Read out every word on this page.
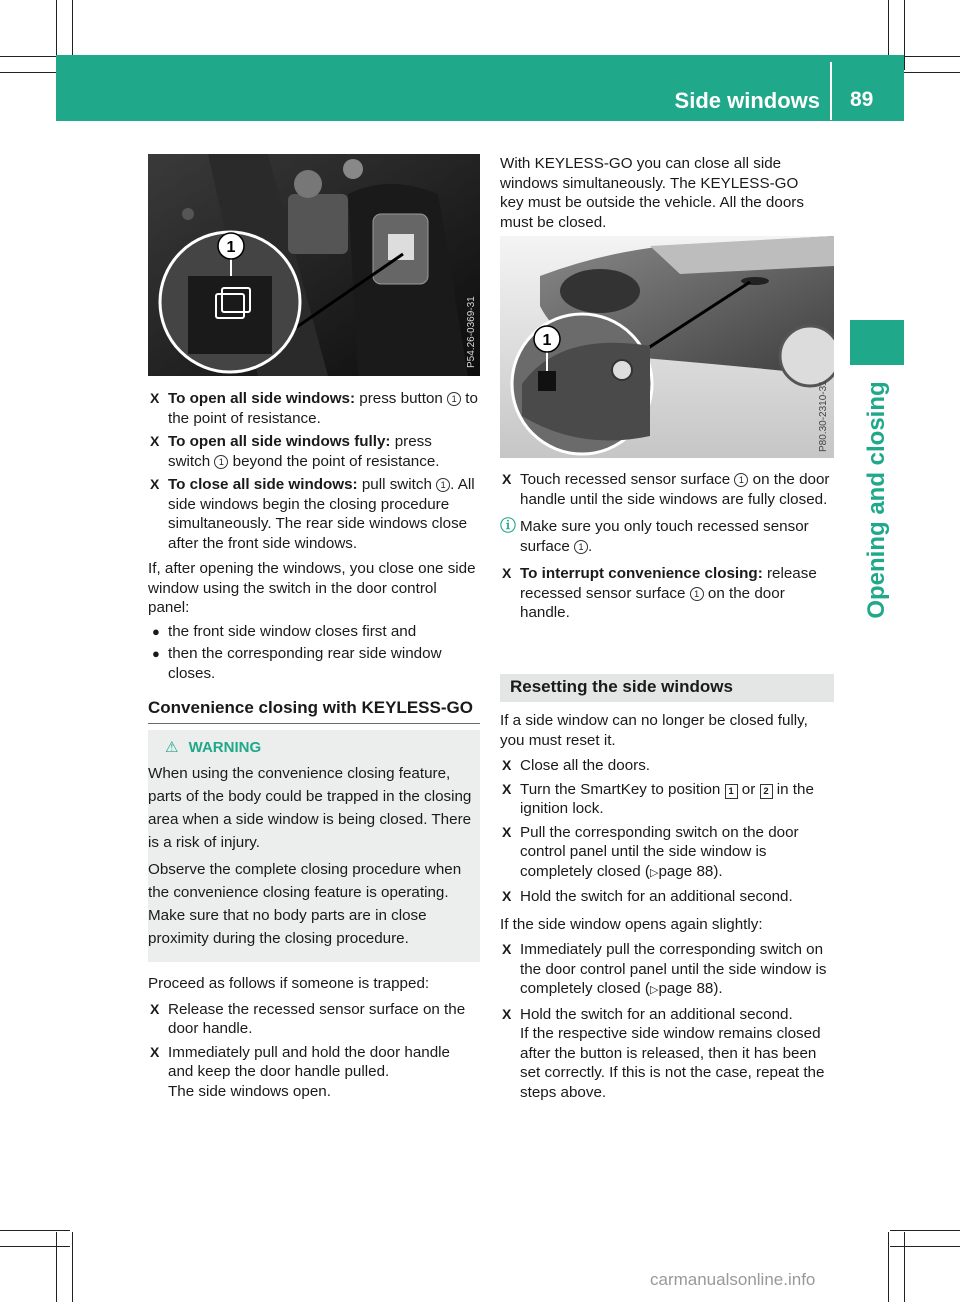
Side windows 89
Opening and closing
1
P54.26-0369-31	1
P80.30-2310-31
X To open all side windows: press button 1 to the point of resistance.
X To open all side windows fully: press switch 1 beyond the point of resistance.
X To close all side windows: pull switch 1 . All side windows begin the closing procedure simultaneously. The rear side windows close after the front side windows.

If, after opening the windows, you close one side window using the switch in the door control panel:

● the front side window closes first and
● then the corresponding rear side window closes.
Convenience closing with KEYLESS-GO
⚠ WARNING

When using the convenience closing feature, parts of the body could be trapped in the closing area when a side window is being closed. There is a risk of injury.

Observe the complete closing procedure when the convenience closing feature is operating. Make sure that no body parts are in close proximity during the closing procedure.

Proceed as follows if someone is trapped:

X Release the recessed sensor surface on the door handle.
X Immediately pull and hold the door handle and keep the door handle pulled.
The side windows open.

With KEYLESS-GO you can close all side windows simultaneously. The KEYLESS-GO key must be outside the vehicle. All the doors must be closed.

X Touch recessed sensor surface 1 on the door handle until the side windows are fully closed.
ⓘ Make sure you only touch recessed sensor surface 1 .
X To interrupt convenience closing: release recessed sensor surface 1 on the door handle.
Resetting the side windows

If a side window can no longer be closed fully, you must reset it.

X Close all the doors.
X Turn the SmartKey to position 1 or 2 in the ignition lock.
X Pull the corresponding switch on the door control panel until the side window is completely closed (▷page 88).
X Hold the switch for an additional second.

If the side window opens again slightly:

X Immediately pull the corresponding switch on the door control panel until the side window is completely closed (▷page 88).
X Hold the switch for an additional second.
If the respective side window remains closed after the button is released, then it has been set correctly. If this is not the case, repeat the steps above.
carmanualsonline.info
